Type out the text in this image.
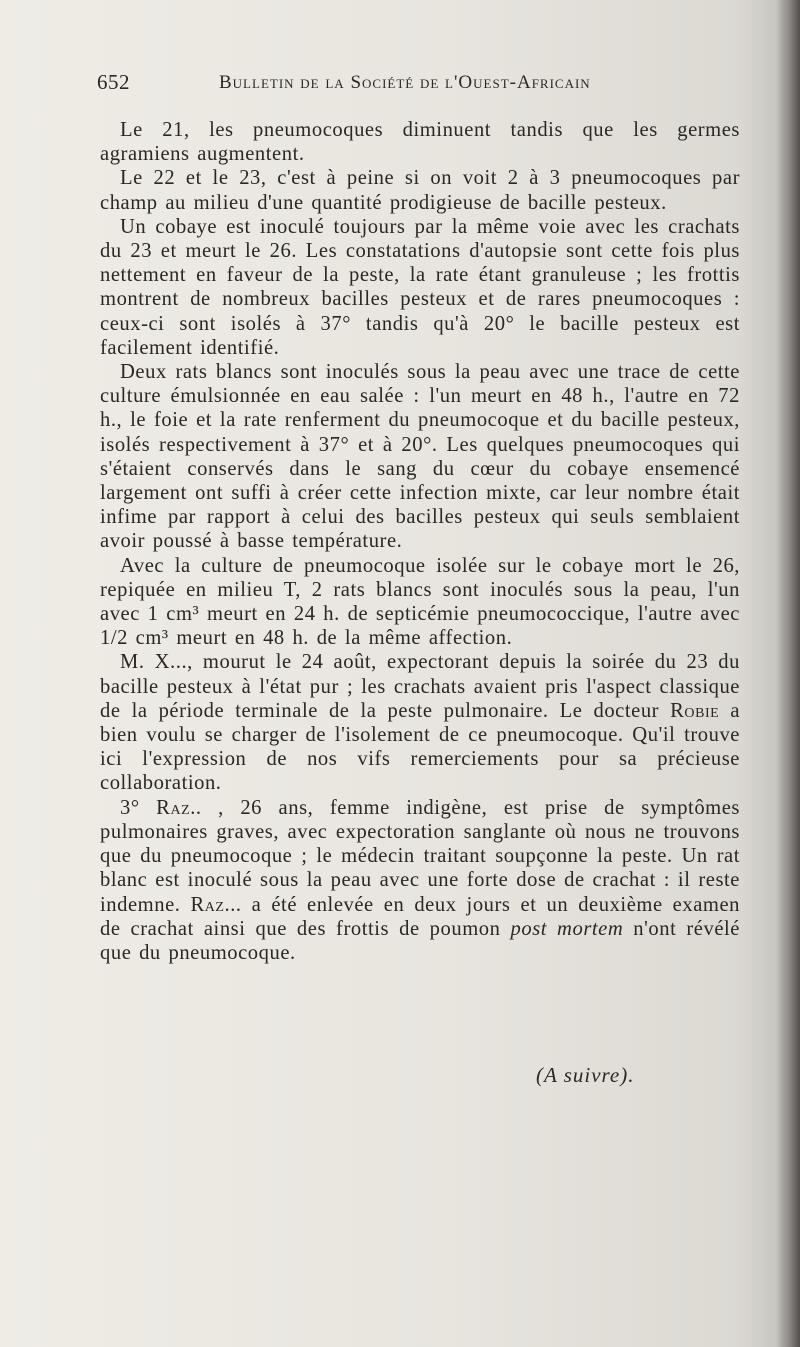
652	Bulletin de la Société de l'Ouest-Africain

Le 21, les pneumocoques diminuent tandis que les germes agramiens augmentent.

Le 22 et le 23, c'est à peine si on voit 2 à 3 pneumocoques par champ au milieu d'une quantité prodigieuse de bacille pesteux.

Un cobaye est inoculé toujours par la même voie avec les crachats du 23 et meurt le 26. Les constatations d'autopsie sont cette fois plus nettement en faveur de la peste, la rate étant granuleuse ; les frottis montrent de nombreux bacilles pesteux et de rares pneumocoques : ceux-ci sont isolés à 37° tandis qu'à 20° le bacille pesteux est facilement identifié.

Deux rats blancs sont inoculés sous la peau avec une trace de cette culture émulsionnée en eau salée : l'un meurt en 48 h., l'autre en 72 h., le foie et la rate renferment du pneumocoque et du bacille pesteux, isolés respectivement à 37° et à 20°. Les quelques pneumocoques qui s'étaient conservés dans le sang du cœur du cobaye ensemencé largement ont suffi à créer cette infection mixte, car leur nombre était infime par rapport à celui des bacilles pesteux qui seuls semblaient avoir poussé à basse température.

Avec la culture de pneumocoque isolée sur le cobaye mort le 26, repiquée en milieu T, 2 rats blancs sont inoculés sous la peau, l'un avec 1 cm³ meurt en 24 h. de septicémie pneumococcique, l'autre avec 1/2 cm³ meurt en 48 h. de la même affection.

M. X..., mourut le 24 août, expectorant depuis la soirée du 23 du bacille pesteux à l'état pur ; les crachats avaient pris l'aspect classique de la période terminale de la peste pulmonaire. Le docteur Robie a bien voulu se charger de l'isolement de ce pneumocoque. Qu'il trouve ici l'expression de nos vifs remerciements pour sa précieuse collaboration.

3° Raz.. , 26 ans, femme indigène, est prise de symptômes pulmonaires graves, avec expectoration sanglante où nous ne trouvons que du pneumocoque ; le médecin traitant soupçonne la peste. Un rat blanc est inoculé sous la peau avec une forte dose de crachat : il reste indemne. Raz... a été enlevée en deux jours et un deuxième examen de crachat ainsi que des frottis de poumon post mortem n'ont révélé que du pneumocoque.

(A suivre).
